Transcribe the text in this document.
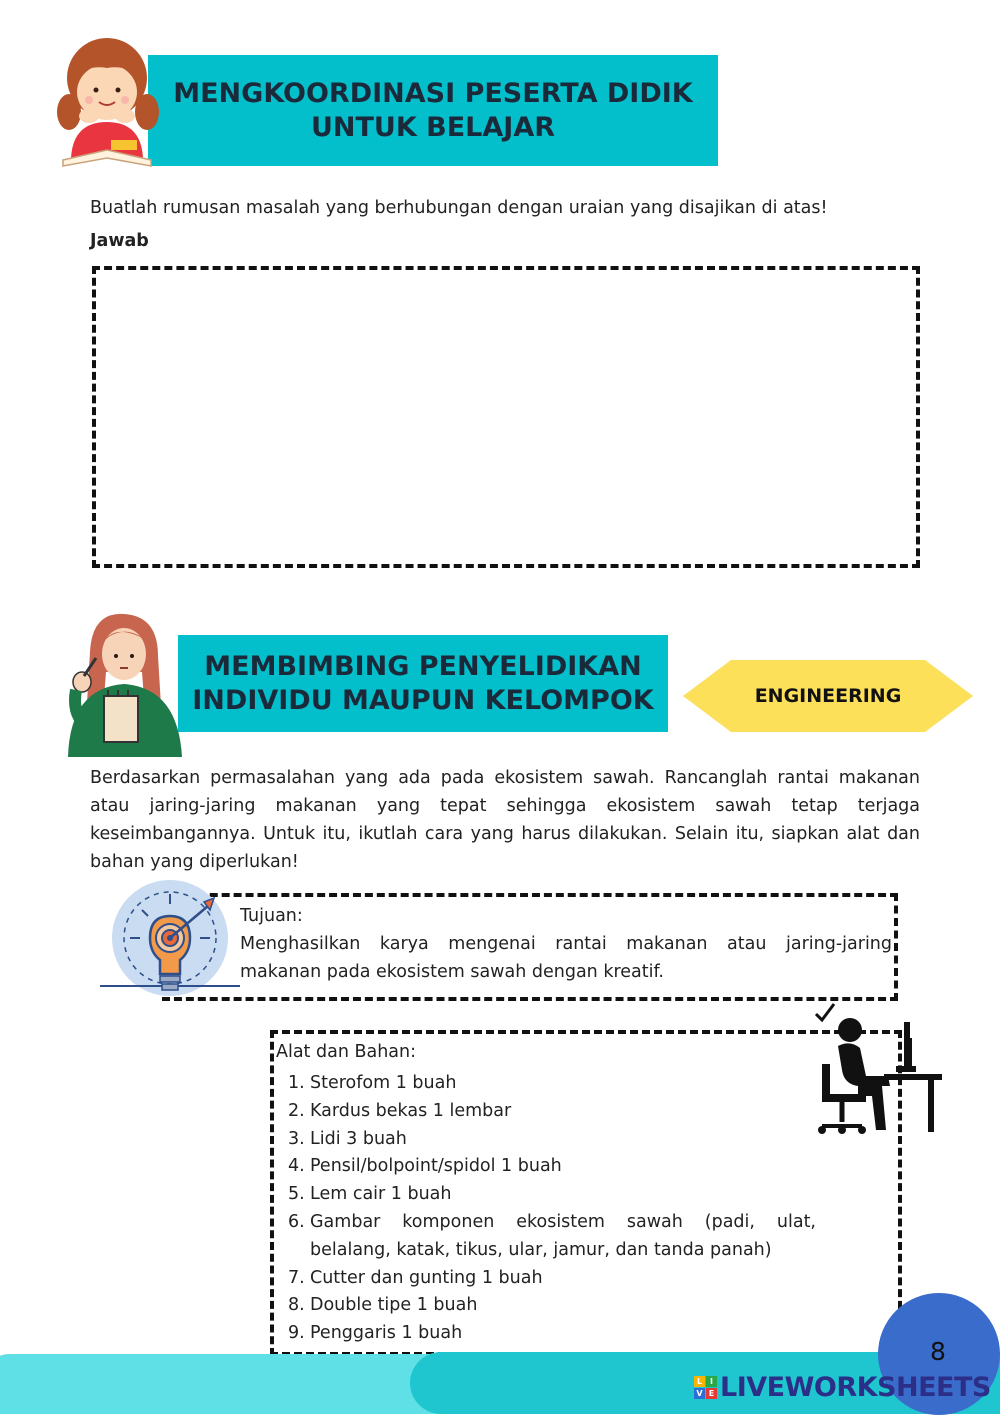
MENGKOORDINASI PESERTA DIDIK
UNTUK BELAJAR
Buatlah rumusan masalah yang berhubungan dengan uraian yang disajikan di atas!
Jawab
MEMBIMBING PENYELIDIKAN
INDIVIDU MAUPUN KELOMPOK	ENGINEERING
Berdasarkan permasalahan yang ada pada ekosistem sawah. Rancanglah rantai makanan atau jaring-jaring makanan yang tepat sehingga ekosistem sawah tetap terjaga keseimbangannya. Untuk itu, ikutlah cara yang harus dilakukan. Selain itu, siapkan alat dan bahan yang diperlukan!
Tujuan:
Menghasilkan karya mengenai rantai makanan atau jaring-jaring makanan pada ekosistem sawah dengan kreatif.
Alat dan Bahan:
1. Sterofom 1 buah
2. Kardus bekas 1 lembar
3. Lidi 3 buah
4. Pensil/bolpoint/spidol 1 buah
5. Lem cair 1 buah
6. Gambar komponen ekosistem sawah (padi, ulat, belalang, katak, tikus, ular, jamur, dan tanda panah)
7. Cutter dan gunting 1 buah
8. Double tipe 1 buah
9. Penggaris 1 buah
8
L I
V E LIVEWORKSHEETS
